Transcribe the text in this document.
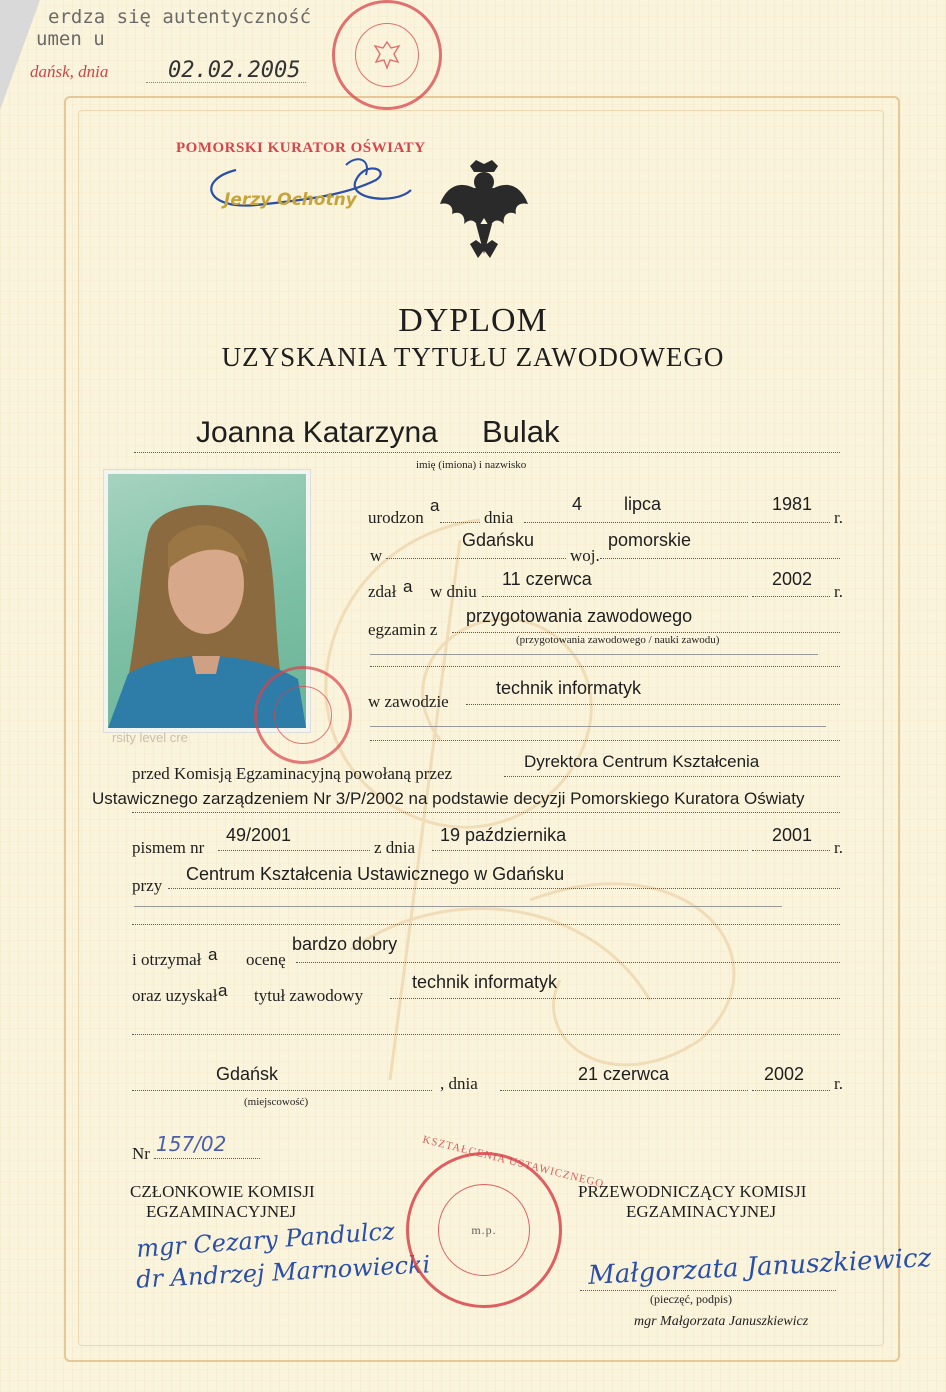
erdza się autentyczność
umen u
dańsk, dnia	02.02.2005
POMORSKI KURATOR OŚWIATY
Jerzy Ochotny
DYPLOM
UZYSKANIA TYTUŁU ZAWODOWEGO
Joanna Katarzyna Bulak
imię (imiona) i nazwisko
rsity level cre
urodzon
a
dnia
4 lipca	1981
r.
w
Gdańsku
woj.
pomorskie
zdał a w dniu
11 czerwca	2002
r.
egzamin z
przygotowania zawodowego
(przygotowania zawodowego / nauki zawodu)
w zawodzie
technik informatyk
przed Komisją Egzaminacyjną powołaną przez
Dyrektora Centrum Kształcenia
Ustawicznego zarządzeniem Nr 3/P/2002 na podstawie decyzji Pomorskiego Kuratora Oświaty
pismem nr
49/2001
z dnia
19 października	2001
r.
przy
Centrum Kształcenia Ustawicznego w Gdańsku
i otrzymał a ocenę
bardzo dobry
oraz uzyskał a tytuł zawodowy
technik informatyk
Gdańsk
(miejscowość)
, dnia	21 czerwca	2002 r.
Nr 157/02
CZŁONKOWIE KOMISJI
EGZAMINACYJNEJ
mgr Cezary Pandulcz
dr Andrzej Marnowiecki
m.p.
KSZTAŁCENIA USTAWICZNEGO
PRZEWODNICZĄCY KOMISJI
EGZAMINACYJNEJ
Małgorzata Januszkiewicz
(pieczęć, podpis)
mgr Małgorzata Januszkiewicz
